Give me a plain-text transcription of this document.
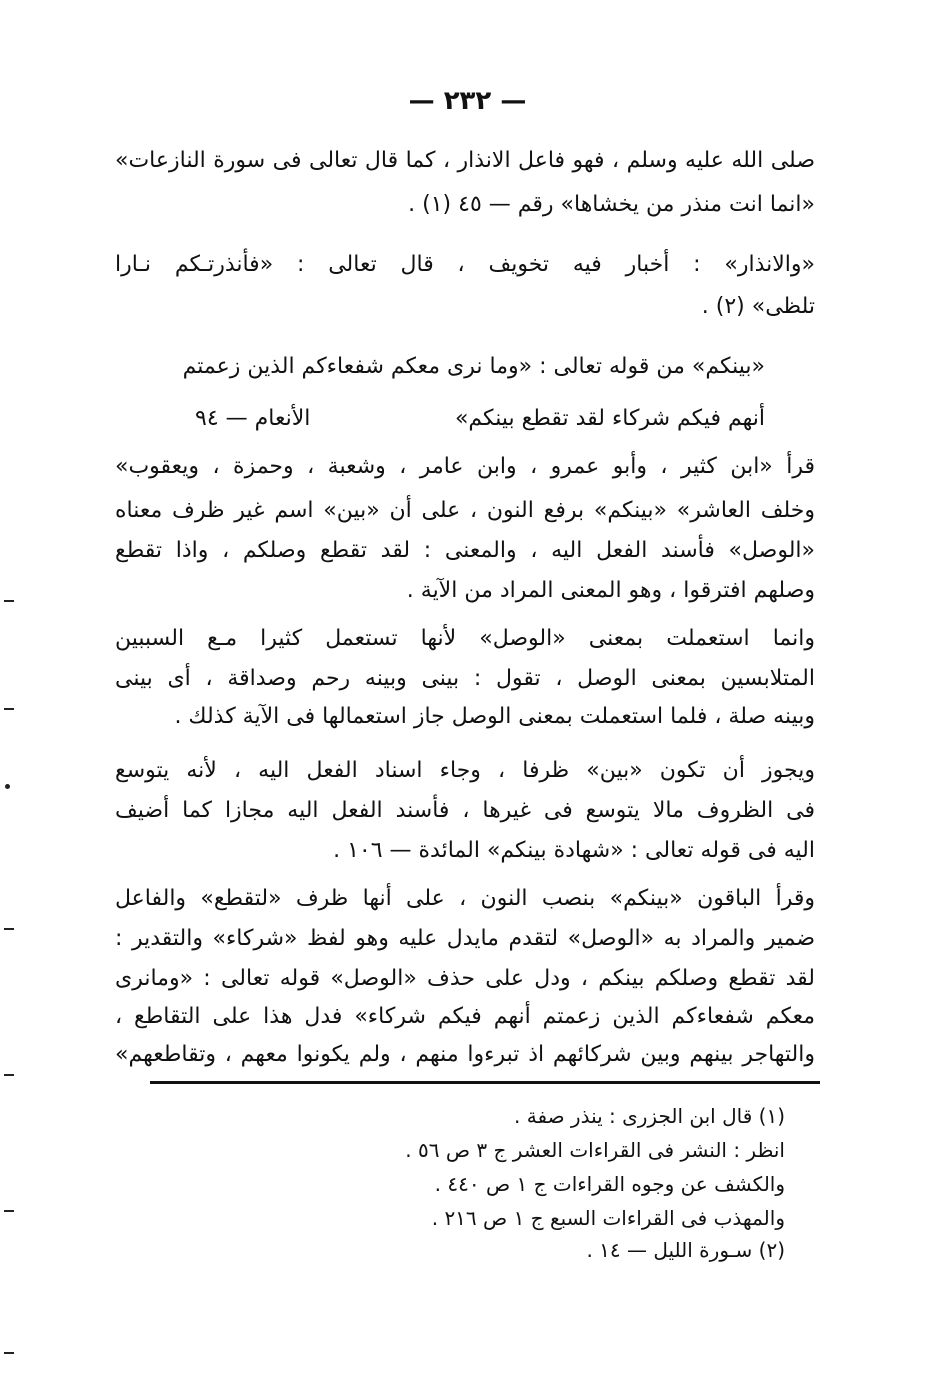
— ٢٣٢ —
صلى الله عليه وسلم ، فهو فاعل الانذار ، كما قال تعالى فى سورة النازعات»
«انما انت منذر من يخشاها» رقم — ٤٥ (١) .
«والانذار» : أخبار فيه تخويف ، قال تعالى : «فأنذرتـكم نـارا
تلظى» (٢) .
«بينكم» من قوله تعالى : «وما نرى معكم شفعاءكم الذين زعمتم
أنهم فيكم شركاء لقد تقطع بينكم»
الأنعام — ٩٤
قرأ «ابن كثير ، وأبو عمرو ، وابن عامر ، وشعبة ، وحمزة ، ويعقوب»
وخلف العاشر» «بينكم» برفع النون ، على أن «بين» اسم غير ظرف معناه
«الوصل» فأسند الفعل اليه ، والمعنى : لقد تقطع وصلكم ، واذا تقطع
وصلهم افترقوا ، وهو المعنى المراد من الآية .
وانما استعملت بمعنى «الوصل» لأنها تستعمل كثيرا مـع السببين
المتلابسين بمعنى الوصل ، تقول : بينى وبينه رحم وصداقة ، أى بينى
وبينه صلة ، فلما استعملت بمعنى الوصل جاز استعمالها فى الآية كذلك .
ويجوز أن تكون «بين» ظرفا ، وجاء اسناد الفعل اليه ، لأنه يتوسع
فى الظروف مالا يتوسع فى غيرها ، فأسند الفعل اليه مجازا كما أضيف
اليه فى قوله تعالى : «شهادة بينكم» المائدة — ١٠٦ .
وقرأ الباقون «بينكم» بنصب النون ، على أنها ظرف «لتقطع» والفاعل
ضمير والمراد به «الوصل» لتقدم مايدل عليه وهو لفظ «شركاء» والتقدير :
لقد تقطع وصلكم بينكم ، ودل على حذف «الوصل» قوله تعالى : «ومانرى
معكم شفعاءكم الذين زعمتم أنهم فيكم شركاء» فدل هذا على التقاطع ،
والتهاجر بينهم وبين شركائهم اذ تبرءوا منهم ، ولم يكونوا معهم ، وتقاطعهم»
(١) قال ابن الجزرى : ينذر صفة .
انظر : النشر فى القراءات العشر ج ٣ ص ٥٦ .
والكشف عن وجوه القراءات ج ١ ص ٤٤٠ .
والمهذب فى القراءات السبع ج ١ ص ٢١٦ .
(٢) سـورة الليل — ١٤ .
